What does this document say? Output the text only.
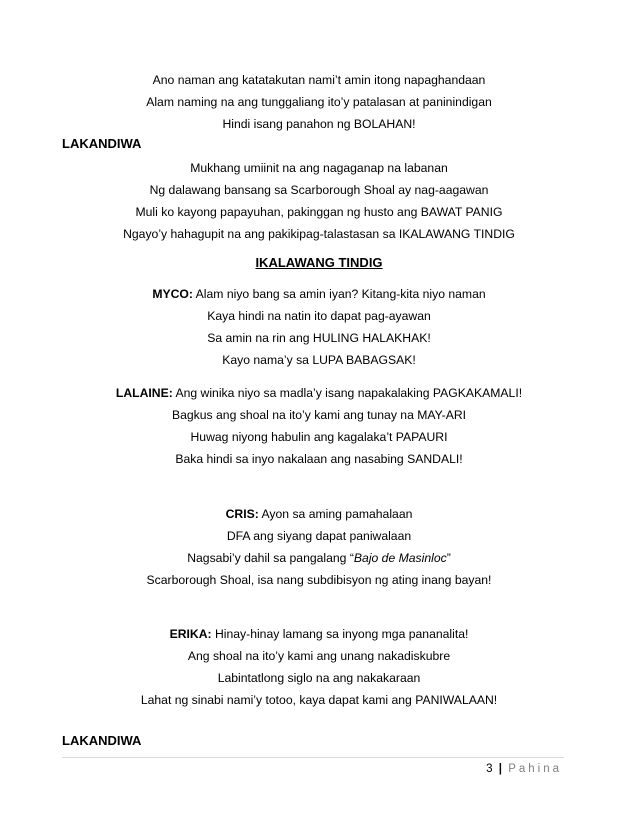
Ano naman ang katatakutan nami’t amin itong napaghandaan
Alam naming na ang tunggaliang ito’y patalasan at paninindigan
Hindi isang panahon ng BOLAHAN!
LAKANDIWA
Mukhang umiinit na ang nagaganap na labanan
Ng dalawang bansang sa Scarborough Shoal ay nag-aagawan
Muli ko kayong papayuhan, pakinggan ng husto ang BAWAT PANIG
Ngayo’y hahagupit na ang pakikipag-talastasan sa IKALAWANG TINDIG
IKALAWANG TINDIG
MYCO: Alam niyo bang sa amin iyan? Kitang-kita niyo naman
Kaya hindi na natin ito dapat pag-ayawan
Sa amin na rin ang HULING HALAKHAK!
Kayo nama’y sa LUPA BABAGSAK!
LALAINE: Ang winika niyo sa madla’y isang napakalaking PAGKAKAMALI!
Bagkus ang shoal na ito’y kami ang tunay na MAY-ARI
Huwag niyong habulin ang kagalaka’t PAPAURI
Baka hindi sa inyo nakalaan ang nasabing SANDALI!
CRIS: Ayon sa aming pamahalaan
DFA ang siyang dapat paniwalaan
Nagsabi’y dahil sa pangalang “Bajo de Masinloc”
Scarborough Shoal, isa nang subdibisyon ng ating inang bayan!
ERIKA: Hinay-hinay lamang sa inyong mga pananalita!
Ang shoal na ito’y kami ang unang nakadiskubre
Labintatlong siglo na ang nakakaraan
Lahat ng sinabi nami’y totoo, kaya dapat kami ang PANIWALAAN!
LAKANDIWA
3 | Pahina
